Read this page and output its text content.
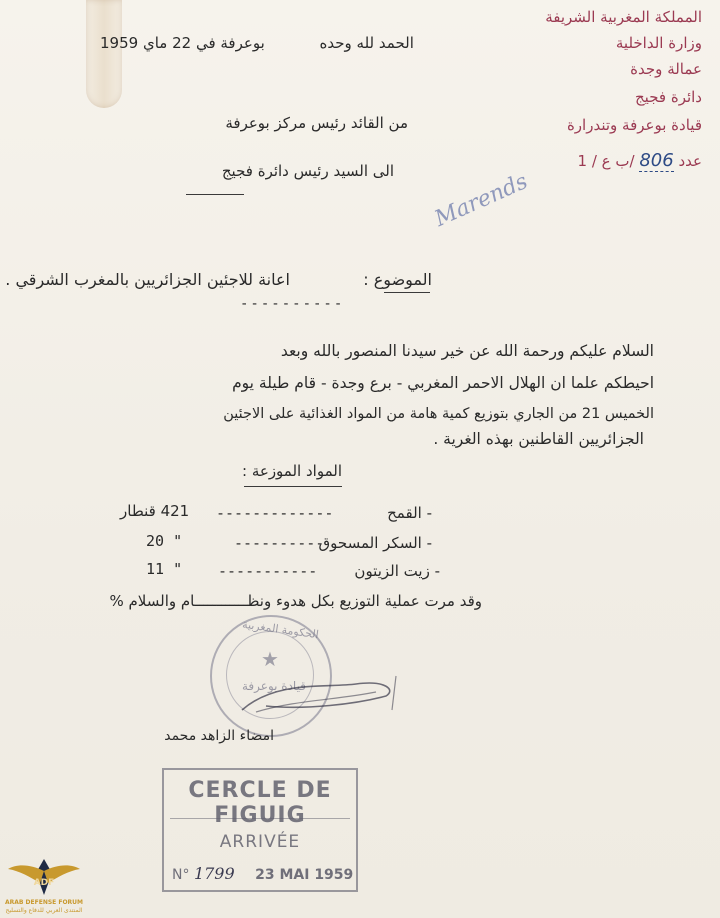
الحمد لله وحده بوعرفة في 22 ماي 1959
المملكة المغربية الشريفة
وزارة الداخلية
عمالة وجدة
دائرة فجيج
قيادة بوعرفة وتندرارة
عدد 806 /ب ع / 1
من القائد رئيس مركز بوعرفة
الى السيد رئيس دائرة فجيج Marends
الموضوع :
اعانة للاجئين الجزائريين بالمغرب الشرقي .
----------
السلام عليكم ورحمة الله عن خير سيدنا المنصور بالله وبعد
احيطكم علما ان الهلال الاحمر المغربي - برع وجدة - قام طيلة يوم
الخميس 21 من الجاري بتوزيع كمية هامة من المواد الغذائية على الاجئين
الجزائريين القاطنين بهذه الغرية .
المواد الموزعة :
- القمح
-------------
421 قنطار
- السكر المسحوق
----------
20 "
- زيت الزيتون
-----------
11 "
وقد مرت عملية التوزيع بكل هدوء ونظــــــــــــام والسلام %
★
الحكومة المغربية
قيادة بوعرفة
امضاء الزاهد محمد
CERCLE DE FIGUIG
ARRIVÉE
N° 1799 23 MAI 1959
ADF
ARAB DEFENSE FORUM
المنتدى العربي للدفاع والتسليح
